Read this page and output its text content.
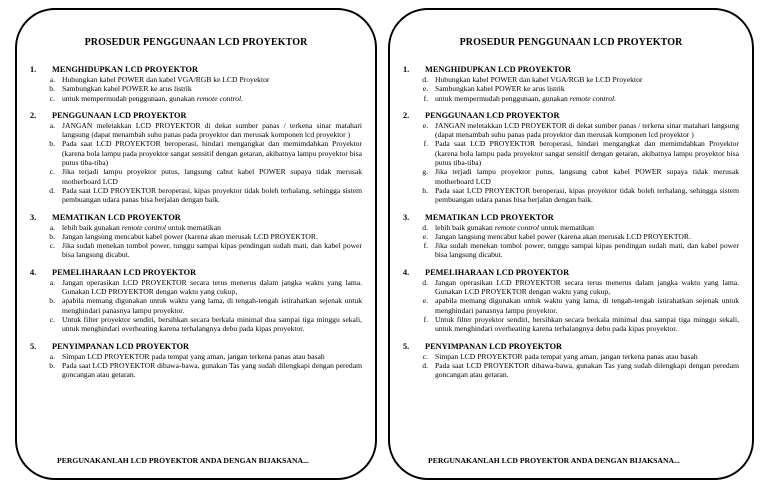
PROSEDUR PENGGUNAAN LCD PROYEKTOR
1.	MENGHIDUPKAN LCD PROYEKTOR
a. Hubungkan kabel POWER dan kabel VGA/RGB ke LCD Proyektor
b. Sambungkan kabel POWER ke arus listrik
c. untuk mempermudah penggunaan, gunakan remote control.
2.	PENGGUNAAN LCD PROYEKTOR
a. JANGAN meletakkan LCD PROYEKTOR di dekat sumber panas / terkena sinar matahari langsung (dapat menambah suhu panas pada proyektor dan merusak komponen lcd proyektor )
b. Pada saat LCD PROYEKTOR beroperasi, hindari mengangkat dan memimdahkan Proyektor (karena bola lampu pada proyektor sangat sensitif dengan getaran, akibatnya lampu proyektor bisa putus tiba-tiba)
c. Jika terjadi lampu proyektor putus, langsung cabut kabel POWER supaya tidak merusak motherboard LCD
d. Pada saat LCD PROYEKTOR beroperasi, kipas proyektor tidak boleh terhalang, sehingga sistem pembuangan udara panas bisa berjalan dengan baik.
3.	MEMATIKAN LCD PROYEKTOR
a. lebih baik gunakan remote control untuk mematikan
b. Jangan langsung mencabut kabel power (karena akan merusak LCD PROYEKTOR.
c. Jika sudah menekan tombol power, tunggu sampai kipas pendingan sudah mati, dan kabel power bisa langsung dicabut.
4.	PEMELIHARAAN LCD PROYEKTOR
a. Jangan operasikan LCD PROYEKTOR secara terus menerus dalam jangka waktu yang lama. Gunakan LCD PROYEKTOR dengan waktu yang cukup,
b. apabila memang digunakan untuk waktu yang lama, di tengah-tengah istirahatkan sejenak untuk menghindari panasnya lampu proyektor.
c. Untuk filter proyektor sendiri, bersihkan secara berkala minimal dua sampai tiga minggu sekali, untuk menghindari overheating karena terhalangnya debu pada kipas proyektor.
5.	PENYIMPANAN LCD PROYEKTOR
a. Simpan LCD PROYEKTOR pada tempat yang aman, jangan terkena panas atau basah
b. Pada saat LCD PROYEKTOR dibawa-bawa, gunakan Tas yang sudah dilengkapi dengan peredam goncangan atau getaran.
PERGUNAKANLAH LCD PROYEKTOR ANDA DENGAN BIJAKSANA...
PROSEDUR PENGGUNAAN LCD PROYEKTOR
1.	MENGHIDUPKAN LCD PROYEKTOR
d. Hubungkan kabel POWER dan kabel VGA/RGB ke LCD Proyektor
e. Sambungkan kabel POWER ke arus listrik
f. untuk mempermudah penggunaan, gunakan remote control.
2.	PENGGUNAAN LCD PROYEKTOR
e. JANGAN meletakkan LCD PROYEKTOR di dekat sumber panas / terkena sinar matahari langsung (dapat menambah suhu panas pada proyektor dan merusak komponen lcd proyektor )
f. Pada saat LCD PROYEKTOR beroperasi, hindari mengangkat dan memimdahkan Proyektor (karena bola lampu pada proyektor sangat sensitif dengan getaran, akibatnya lampu proyektor bisa putus tiba-tiba)
g. Jika terjadi lampu proyektor putus, langsung cabut kabel POWER supaya tidak merusak motherboard LCD
h. Pada saat LCD PROYEKTOR beroperasi, kipas proyektor tidak boleh terhalang, sehingga sistem pembuangan udara panas bisa berjalan dengan baik.
3.	MEMATIKAN LCD PROYEKTOR
d. lebih baik gunakan remote control untuk mematikan
e. Jangan langsung mencabut kabel power (karena akan merusak LCD PROYEKTOR.
f. Jika sudah menekan tombol power, tunggu sampai kipas pendingan sudah mati, dan kabel power bisa langsung dicabut.
4.	PEMELIHARAAN LCD PROYEKTOR
d. Jangan operasikan LCD PROYEKTOR secara terus menerus dalam jangka waktu yang lama. Gunakan LCD PROYEKTOR dengan waktu yang cukup,
e. apabila memang digunakan untuk waktu yang lama, di tengah-tengah istirahatkan sejenak untuk menghindari panasnya lampu proyektor.
f. Untuk filter proyektor sendiri, bersihkan secara berkala minimal dua sampai tiga minggu sekali, untuk menghindari overheating karena terhalangnya debu pada kipas proyektor.
5.	PENYIMPANAN LCD PROYEKTOR
c. Simpan LCD PROYEKTOR pada tempat yang aman, jangan terkena panas atau basah
d. Pada saat LCD PROYEKTOR dibawa-bawa, gunakan Tas yang sudah dilengkapi dengan peredam goncangan atau getaran.
PERGUNAKANLAH LCD PROYEKTOR ANDA DENGAN BIJAKSANA...
